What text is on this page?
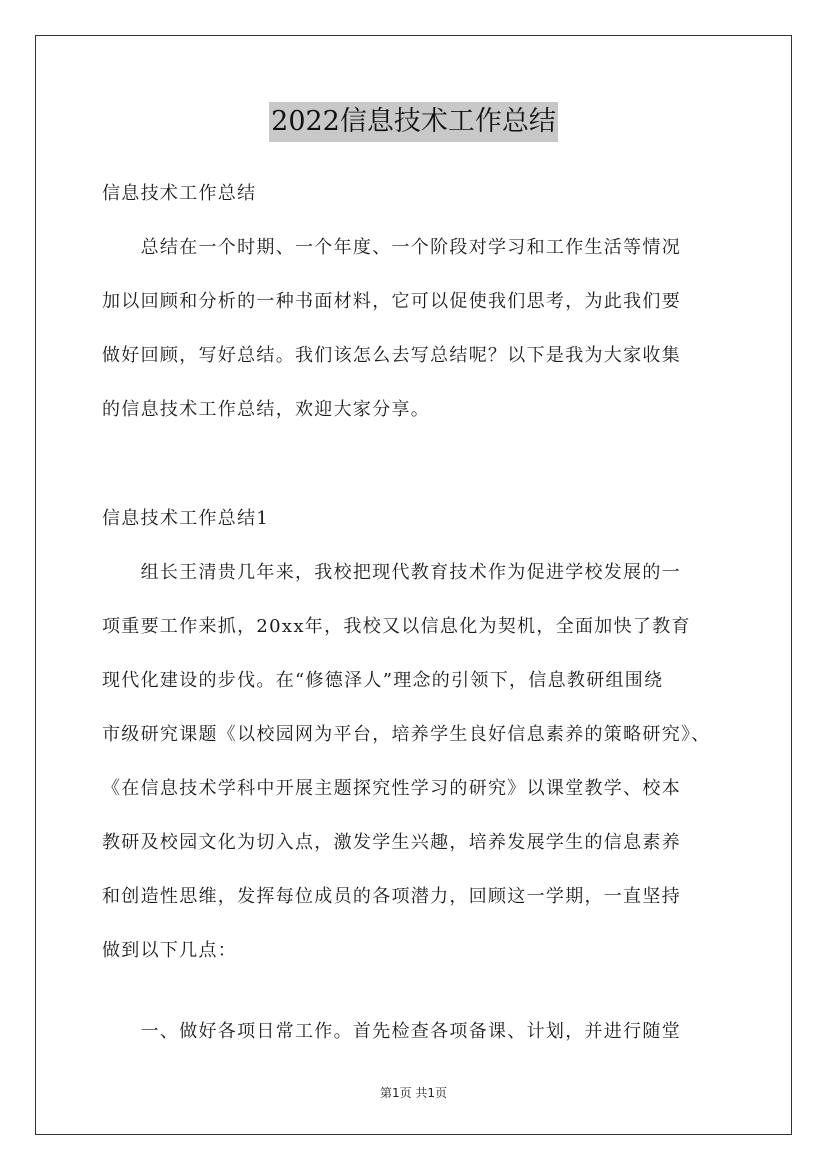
2022信息技术工作总结
信息技术工作总结
　　总结在一个时期、一个年度、一个阶段对学习和工作生活等情况
加以回顾和分析的一种书面材料，它可以促使我们思考，为此我们要
做好回顾，写好总结。我们该怎么去写总结呢？以下是我为大家收集
的信息技术工作总结，欢迎大家分享。
信息技术工作总结1
　　组长王清贵几年来，我校把现代教育技术作为促进学校发展的一
项重要工作来抓，20xx年，我校又以信息化为契机，全面加快了教育
现代化建设的步伐。在“修德泽人”理念的引领下，信息教研组围绕
市级研究课题《以校园网为平台，培养学生良好信息素养的策略研究》、
《在信息技术学科中开展主题探究性学习的研究》以课堂教学、校本
教研及校园文化为切入点，激发学生兴趣，培养发展学生的信息素养
和创造性思维，发挥每位成员的各项潜力，回顾这一学期，一直坚持
做到以下几点：
　　一、做好各项日常工作。首先检查各项备课、计划，并进行随堂
第1页 共1页
